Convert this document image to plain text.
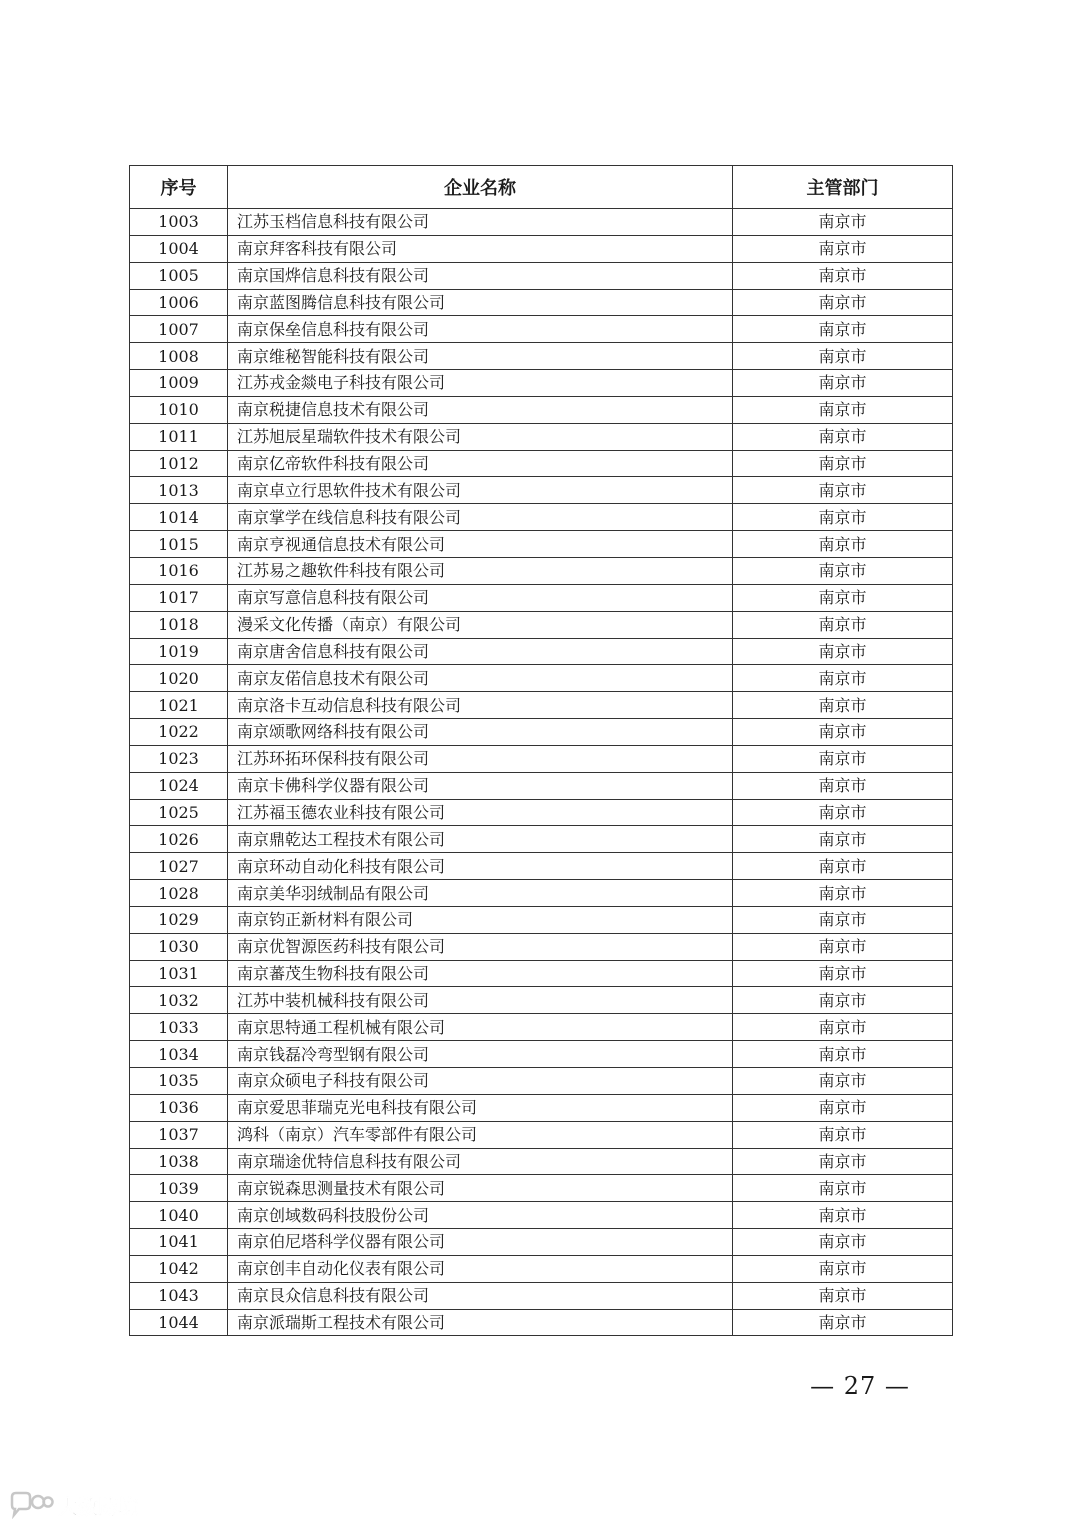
序号	企业名称	主管部门
1003	江苏玉档信息科技有限公司	南京市
1004	南京拜客科技有限公司	南京市
1005	南京国烨信息科技有限公司	南京市
1006	南京蓝图腾信息科技有限公司	南京市
1007	南京保垒信息科技有限公司	南京市
1008	南京维秘智能科技有限公司	南京市
1009	江苏戎金燚电子科技有限公司	南京市
1010	南京税捷信息技术有限公司	南京市
1011	江苏旭辰星瑞软件技术有限公司	南京市
1012	南京亿帝软件科技有限公司	南京市
1013	南京卓立行思软件技术有限公司	南京市
1014	南京掌学在线信息科技有限公司	南京市
1015	南京亨视通信息技术有限公司	南京市
1016	江苏易之趣软件科技有限公司	南京市
1017	南京写意信息科技有限公司	南京市
1018	漫采文化传播（南京）有限公司	南京市
1019	南京唐舍信息科技有限公司	南京市
1020	南京友偌信息技术有限公司	南京市
1021	南京洛卡互动信息科技有限公司	南京市
1022	南京颂歌网络科技有限公司	南京市
1023	江苏环拓环保科技有限公司	南京市
1024	南京卡佛科学仪器有限公司	南京市
1025	江苏福玉德农业科技有限公司	南京市
1026	南京鼎乾达工程技术有限公司	南京市
1027	南京环动自动化科技有限公司	南京市
1028	南京美华羽绒制品有限公司	南京市
1029	南京钧正新材料有限公司	南京市
1030	南京优智源医药科技有限公司	南京市
1031	南京蕃茂生物科技有限公司	南京市
1032	江苏中装机械科技有限公司	南京市
1033	南京思特通工程机械有限公司	南京市
1034	南京钱磊冷弯型钢有限公司	南京市
1035	南京众硕电子科技有限公司	南京市
1036	南京爱思菲瑞克光电科技有限公司	南京市
1037	鸿科（南京）汽车零部件有限公司	南京市
1038	南京瑞途优特信息科技有限公司	南京市
1039	南京锐森思测量技术有限公司	南京市
1040	南京创域数码科技股份公司	南京市
1041	南京伯尼塔科学仪器有限公司	南京市
1042	南京创丰自动化仪表有限公司	南京市
1043	南京艮众信息科技有限公司	南京市
1044	南京派瑞斯工程技术有限公司	南京市
— 27 —
大数跨境
